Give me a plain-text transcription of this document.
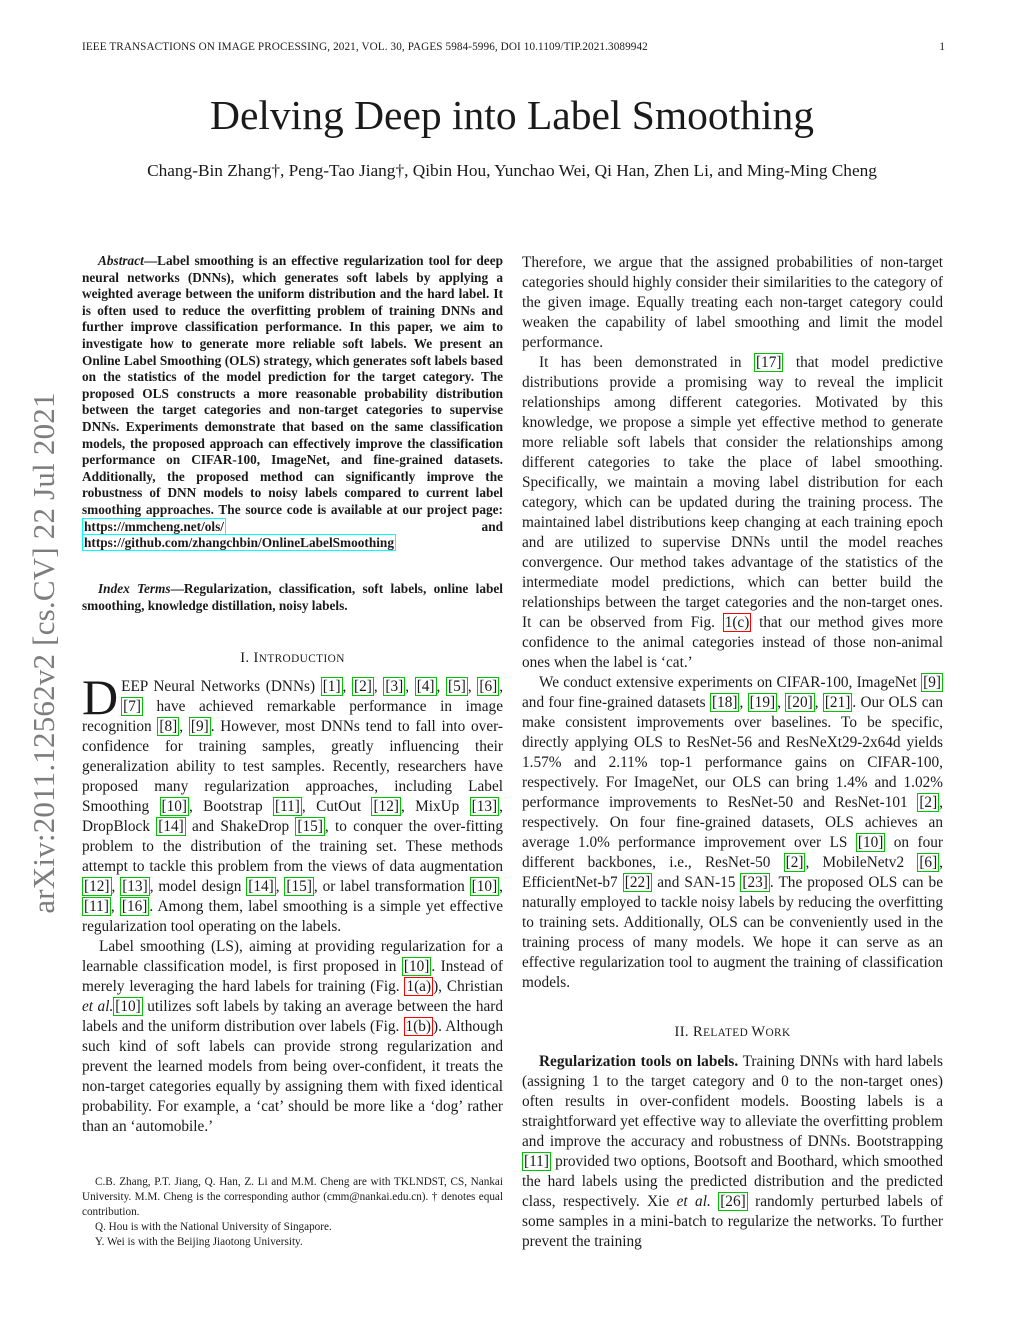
IEEE TRANSACTIONS ON IMAGE PROCESSING, 2021, VOL. 30, PAGES 5984-5996, DOI 10.1109/TIP.2021.3089942	1
Delving Deep into Label Smoothing
Chang-Bin Zhang†, Peng-Tao Jiang†, Qibin Hou, Yunchao Wei, Qi Han, Zhen Li, and Ming-Ming Cheng
arXiv:2011.12562v2 [cs.CV] 22 Jul 2021

Abstract—Label smoothing is an effective regularization tool for deep neural networks (DNNs), which generates soft labels by applying a weighted average between the uniform distribution and the hard label. It is often used to reduce the overfitting problem of training DNNs and further improve classification performance. In this paper, we aim to investigate how to generate more reliable soft labels. We present an Online Label Smoothing (OLS) strategy, which generates soft labels based on the statistics of the model prediction for the target category. The proposed OLS constructs a more reasonable probability distribution between the target categories and non-target categories to supervise DNNs. Experiments demonstrate that based on the same classification models, the proposed approach can effectively improve the classification performance on CIFAR-100, ImageNet, and fine-grained datasets. Additionally, the proposed method can significantly improve the robustness of DNN models to noisy labels compared to current label smoothing approaches. The source code is available at our project page: https://mmcheng.net/ols/ and https://github.com/zhangchbin/OnlineLabelSmoothing

Index Terms—Regularization, classification, soft labels, online label smoothing, knowledge distillation, noisy labels.

I. INTRODUCTION

DEEP Neural Networks (DNNs) [1] , [2] , [3] , [4] , [5] , [6] , [7] have achieved remarkable performance in image recognition [8] , [9] . However, most DNNs tend to fall into over-confidence for training samples, greatly influencing their generalization ability to test samples. Recently, researchers have proposed many regularization approaches, including Label Smoothing [10] , Bootstrap [11] , CutOut [12] , MixUp [13] , DropBlock [14] and ShakeDrop [15] , to conquer the over-fitting problem to the distribution of the training set. These methods attempt to tackle this problem from the views of data augmentation [12] , [13] , model design [14] , [15] , or label transformation [10] , [11] , [16] . Among them, label smoothing is a simple yet effective regularization tool operating on the labels.

Label smoothing (LS), aiming at providing regularization for a learnable classification model, is first proposed in [10] . Instead of merely leveraging the hard labels for training (Fig. 1(a) ), Christian et al. [10] utilizes soft labels by taking an average between the hard labels and the uniform distribution over labels (Fig. 1(b) ). Although such kind of soft labels can provide strong regularization and prevent the learned models from being over-confident, it treats the non-target categories equally by assigning them with fixed identical probability. For example, a ‘cat’ should be more like a ‘dog’ rather than an ‘automobile.’

C.B. Zhang, P.T. Jiang, Q. Han, Z. Li and M.M. Cheng are with TKLNDST, CS, Nankai University. M.M. Cheng is the corresponding author (cmm@nankai.edu.cn). † denotes equal contribution.

Q. Hou is with the National University of Singapore.

Y. Wei is with the Beijing Jiaotong University.

Therefore, we argue that the assigned probabilities of non-target categories should highly consider their similarities to the category of the given image. Equally treating each non-target category could weaken the capability of label smoothing and limit the model performance.

It has been demonstrated in [17] that model predictive distributions provide a promising way to reveal the implicit relationships among different categories. Motivated by this knowledge, we propose a simple yet effective method to generate more reliable soft labels that consider the relationships among different categories to take the place of label smoothing. Specifically, we maintain a moving label distribution for each category, which can be updated during the training process. The maintained label distributions keep changing at each training epoch and are utilized to supervise DNNs until the model reaches convergence. Our method takes advantage of the statistics of the intermediate model predictions, which can better build the relationships between the target categories and the non-target ones. It can be observed from Fig. 1(c) that our method gives more confidence to the animal categories instead of those non-animal ones when the label is ‘cat.’

We conduct extensive experiments on CIFAR-100, ImageNet [9] and four fine-grained datasets [18] , [19] , [20] , [21] . Our OLS can make consistent improvements over baselines. To be specific, directly applying OLS to ResNet-56 and ResNeXt29-2x64d yields 1.57% and 2.11% top-1 performance gains on CIFAR-100, respectively. For ImageNet, our OLS can bring 1.4% and 1.02% performance improvements to ResNet-50 and ResNet-101 [2] , respectively. On four fine-grained datasets, OLS achieves an average 1.0% performance improvement over LS [10] on four different backbones, i.e., ResNet-50 [2] , MobileNetv2 [6] , EfficientNet-b7 [22] and SAN-15 [23] . The proposed OLS can be naturally employed to tackle noisy labels by reducing the overfitting to training sets. Additionally, OLS can be conveniently used in the training process of many models. We hope it can serve as an effective regularization tool to augment the training of classification models.

II. RELATED WORK

Regularization tools on labels. Training DNNs with hard labels (assigning 1 to the target category and 0 to the non-target ones) often results in over-confident models. Boosting labels is a straightforward yet effective way to alleviate the overfitting problem and improve the accuracy and robustness of DNNs. Bootstrapping [11] provided two options, Bootsoft and Boothard, which smoothed the hard labels using the predicted distribution and the predicted class, respectively. Xie et al. [26] randomly perturbed labels of some samples in a mini-batch to regularize the networks. To further prevent the training
